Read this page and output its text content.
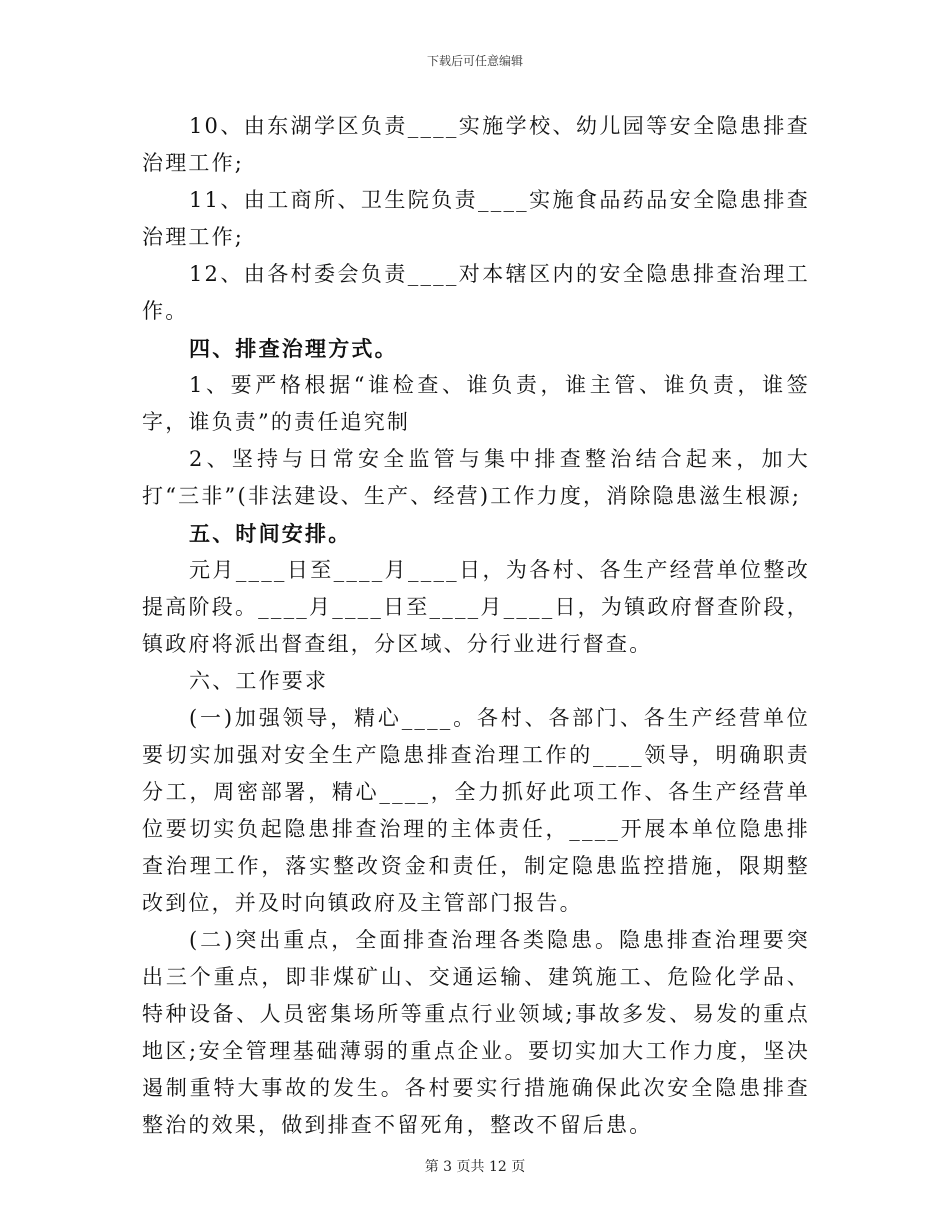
下载后可任意编辑

10、由东湖学区负责____实施学校、幼儿园等安全隐患排查治理工作;

11、由工商所、卫生院负责____实施食品药品安全隐患排查治理工作;

12、由各村委会负责____对本辖区内的安全隐患排查治理工作。

四、排查治理方式。

1、要严格根据“谁检查、谁负责，谁主管、谁负责，谁签字，谁负责”的责任追究制

2、坚持与日常安全监管与集中排查整治结合起来，加大打“三非”(非法建设、生产、经营)工作力度，消除隐患滋生根源;

五、时间安排。

元月____日至____月____日，为各村、各生产经营单位整改提高阶段。____月____日至____月____日，为镇政府督查阶段，镇政府将派出督查组，分区域、分行业进行督查。

六、工作要求

(一)加强领导，精心____。各村、各部门、各生产经营单位要切实加强对安全生产隐患排查治理工作的____领导，明确职责分工，周密部署，精心____，全力抓好此项工作、各生产经营单位要切实负起隐患排查治理的主体责任，____开展本单位隐患排查治理工作，落实整改资金和责任，制定隐患监控措施，限期整改到位，并及时向镇政府及主管部门报告。

(二)突出重点，全面排查治理各类隐患。隐患排查治理要突出三个重点，即非煤矿山、交通运输、建筑施工、危险化学品、特种设备、人员密集场所等重点行业领域;事故多发、易发的重点地区;安全管理基础薄弱的重点企业。要切实加大工作力度，坚决遏制重特大事故的发生。各村要实行措施确保此次安全隐患排查整治的效果，做到排查不留死角，整改不留后患。

第 3 页共 12 页
